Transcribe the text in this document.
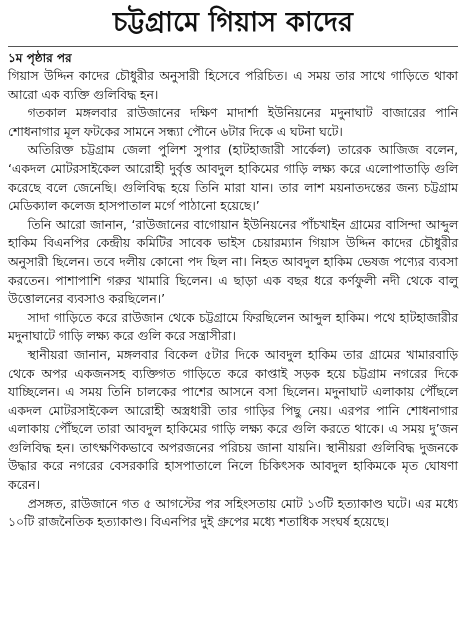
চট্টগ্রামে গিয়াস কাদের
১ম পৃষ্ঠার পর

গিয়াস উদ্দিন কাদের চৌধুরীর অনুসারী হিসেবে পরিচিত। এ সময় তার সাথে গাড়িতে থাকা আরো এক ব্যক্তি গুলিবিদ্ধ হন।

গতকাল মঙ্গলবার রাউজানের দক্ষিণ মাদার্শা ইউনিয়নের মদুনাঘাট বাজারের পানি শোধনাগার মূল ফটকের সামনে সন্ধ্যা পৌনে ৬টার দিকে এ ঘটনা ঘটে।

অতিরিক্ত চট্টগ্রাম জেলা পুলিশ সুপার (হাটহাজারী সার্কেল) তারেক আজিজ বলেন, ‘একদল মোটরসাইকেল আরোহী দুর্বৃত্ত আবদুল হাকিমের গাড়ি লক্ষ্য করে এলোপাতাড়ি গুলি করেছে বলে জেনেছি। গুলিবিদ্ধ হয়ে তিনি মারা যান। তার লাশ ময়নাতদন্তের জন্য চট্টগ্রাম মেডিক্যাল কলেজ হাসপাতাল মর্গে পাঠানো হয়েছে।’

তিনি আরো জানান, ‘রাউজানের বাগোয়ান ইউনিয়নের পাঁচখাইন গ্রামের বাসিন্দা আব্দুল হাকিম বিএনপির কেন্দ্রীয় কমিটির সাবেক ভাইস চেয়ারম্যান গিয়াস উদ্দিন কাদের চৌধুরীর অনুসারী ছিলেন। তবে দলীয় কোনো পদ ছিল না। নিহত আবদুল হাকিম ভেষজ পণ্যের ব্যবসা করতেন। পাশাপাশি গরুর খামারি ছিলেন। এ ছাড়া এক বছর ধরে কর্ণফুলী নদী থেকে বালু উত্তোলনের ব্যবসাও করছিলেন।’

সাদা গাড়িতে করে রাউজান থেকে চট্টগ্রামে ফিরছিলেন আব্দুল হাকিম। পথে হাটহাজারীর মদুনাঘাটে গাড়ি লক্ষ্য করে গুলি করে সন্ত্রাসীরা।

স্থানীয়রা জানান, মঙ্গলবার বিকেল ৫টার দিকে আবদুল হাকিম তার গ্রামের খামারবাড়ি থেকে অপর একজনসহ ব্যক্তিগত গাড়িতে করে কাপ্তাই সড়ক হয়ে চট্টগ্রাম নগরের দিকে যাচ্ছিলেন। এ সময় তিনি চালকের পাশের আসনে বসা ছিলেন। মদুনাঘাট এলাকায় পৌঁছলে একদল মোটরসাইকেল আরোহী অস্ত্রধারী তার গাড়ির পিছু নেয়। এরপর পানি শোধনাগার এলাকায় পৌঁছলে তারা আবদুল হাকিমের গাড়ি লক্ষ্য করে গুলি করতে থাকে। এ সময় দু’জন গুলিবিদ্ধ হন। তাৎক্ষণিকভাবে অপরজনের পরিচয় জানা যায়নি। স্থানীয়রা গুলিবিদ্ধ দুজনকে উদ্ধার করে নগরের বেসরকারি হাসপাতালে নিলে চিকিৎসক আবদুল হাকিমকে মৃত ঘোষণা করেন।

প্রসঙ্গত, রাউজানে গত ৫ আগস্টের পর সহিংসতায় মোট ১৩টি হত্যাকাণ্ড ঘটে। এর মধ্যে ১০টি রাজনৈতিক হত্যাকাণ্ড। বিএনপির দুই গ্রুপের মধ্যে শতাধিক সংঘর্ষ হয়েছে।
